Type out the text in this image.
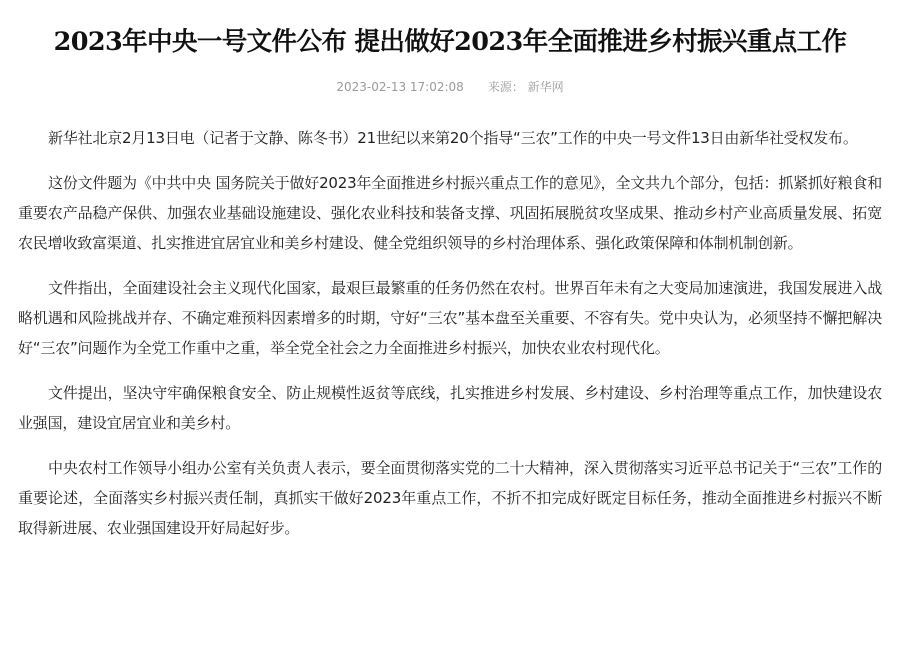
2023年中央一号文件公布 提出做好2023年全面推进乡村振兴重点工作
2023-02-13 17:02:08 来源： 新华网

新华社北京2月13日电（记者于文静、陈冬书）21世纪以来第20个指导“三农”工作的中央一号文件13日由新华社受权发布。

这份文件题为《中共中央 国务院关于做好2023年全面推进乡村振兴重点工作的意见》，全文共九个部分，包括：抓紧抓好粮食和重要农产品稳产保供、加强农业基础设施建设、强化农业科技和装备支撑、巩固拓展脱贫攻坚成果、推动乡村产业高质量发展、拓宽农民增收致富渠道、扎实推进宜居宜业和美乡村建设、健全党组织领导的乡村治理体系、强化政策保障和体制机制创新。

文件指出，全面建设社会主义现代化国家，最艰巨最繁重的任务仍然在农村。世界百年未有之大变局加速演进，我国发展进入战略机遇和风险挑战并存、不确定难预料因素增多的时期，守好“三农”基本盘至关重要、不容有失。党中央认为，必须坚持不懈把解决好“三农”问题作为全党工作重中之重，举全党全社会之力全面推进乡村振兴，加快农业农村现代化。

文件提出，坚决守牢确保粮食安全、防止规模性返贫等底线，扎实推进乡村发展、乡村建设、乡村治理等重点工作，加快建设农业强国，建设宜居宜业和美乡村。

中央农村工作领导小组办公室有关负责人表示，要全面贯彻落实党的二十大精神，深入贯彻落实习近平总书记关于“三农”工作的重要论述，全面落实乡村振兴责任制，真抓实干做好2023年重点工作，不折不扣完成好既定目标任务，推动全面推进乡村振兴不断取得新进展、农业强国建设开好局起好步。
